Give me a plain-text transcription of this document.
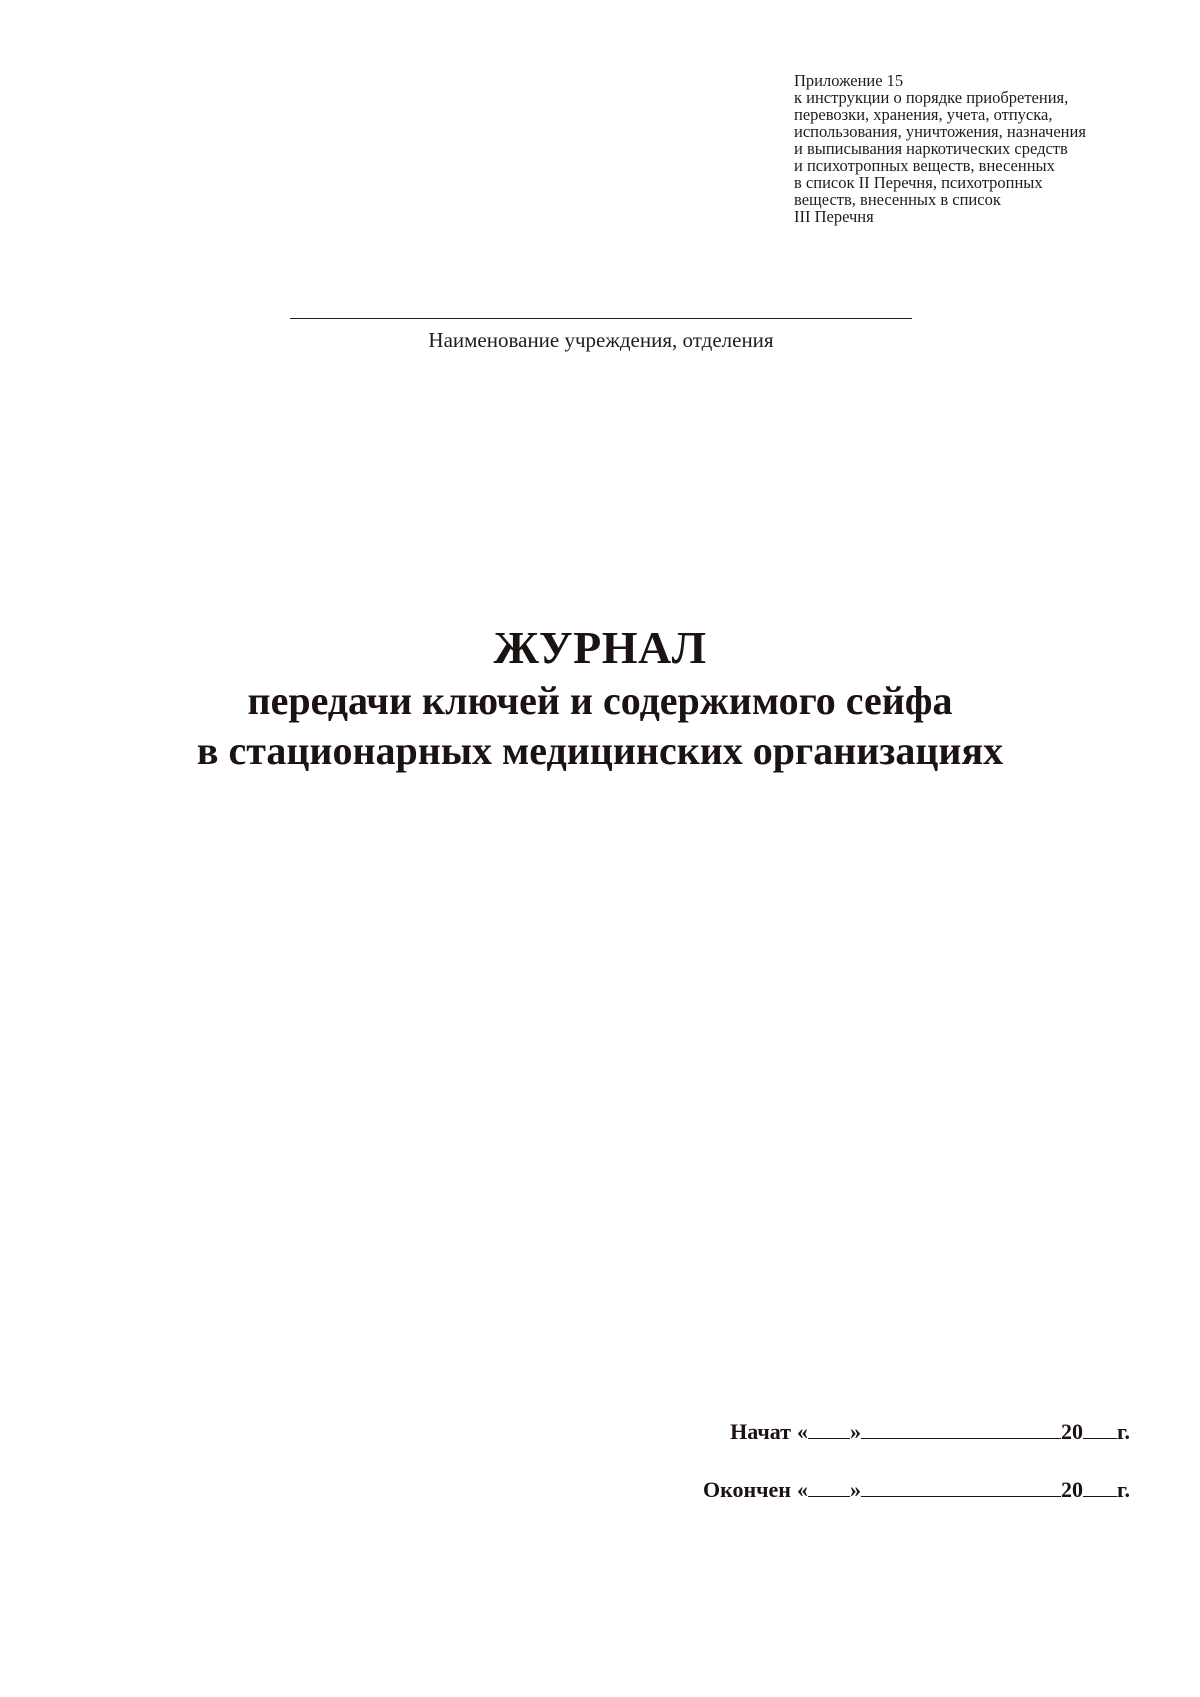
Приложение 15
к инструкции о порядке приобретения,
перевозки, хранения, учета, отпуска,
использования, уничтожения, назначения
и выписывания наркотических средств
и психотропных веществ, внесенных
в список II Перечня, психотропных
веществ, внесенных в список
III Перечня
Наименование учреждения, отделения
ЖУРНАЛ
передачи ключей и содержимого сейфа
в стационарных медицинских организациях
Начат « »	20 г.
Окончен « »	20 г.
